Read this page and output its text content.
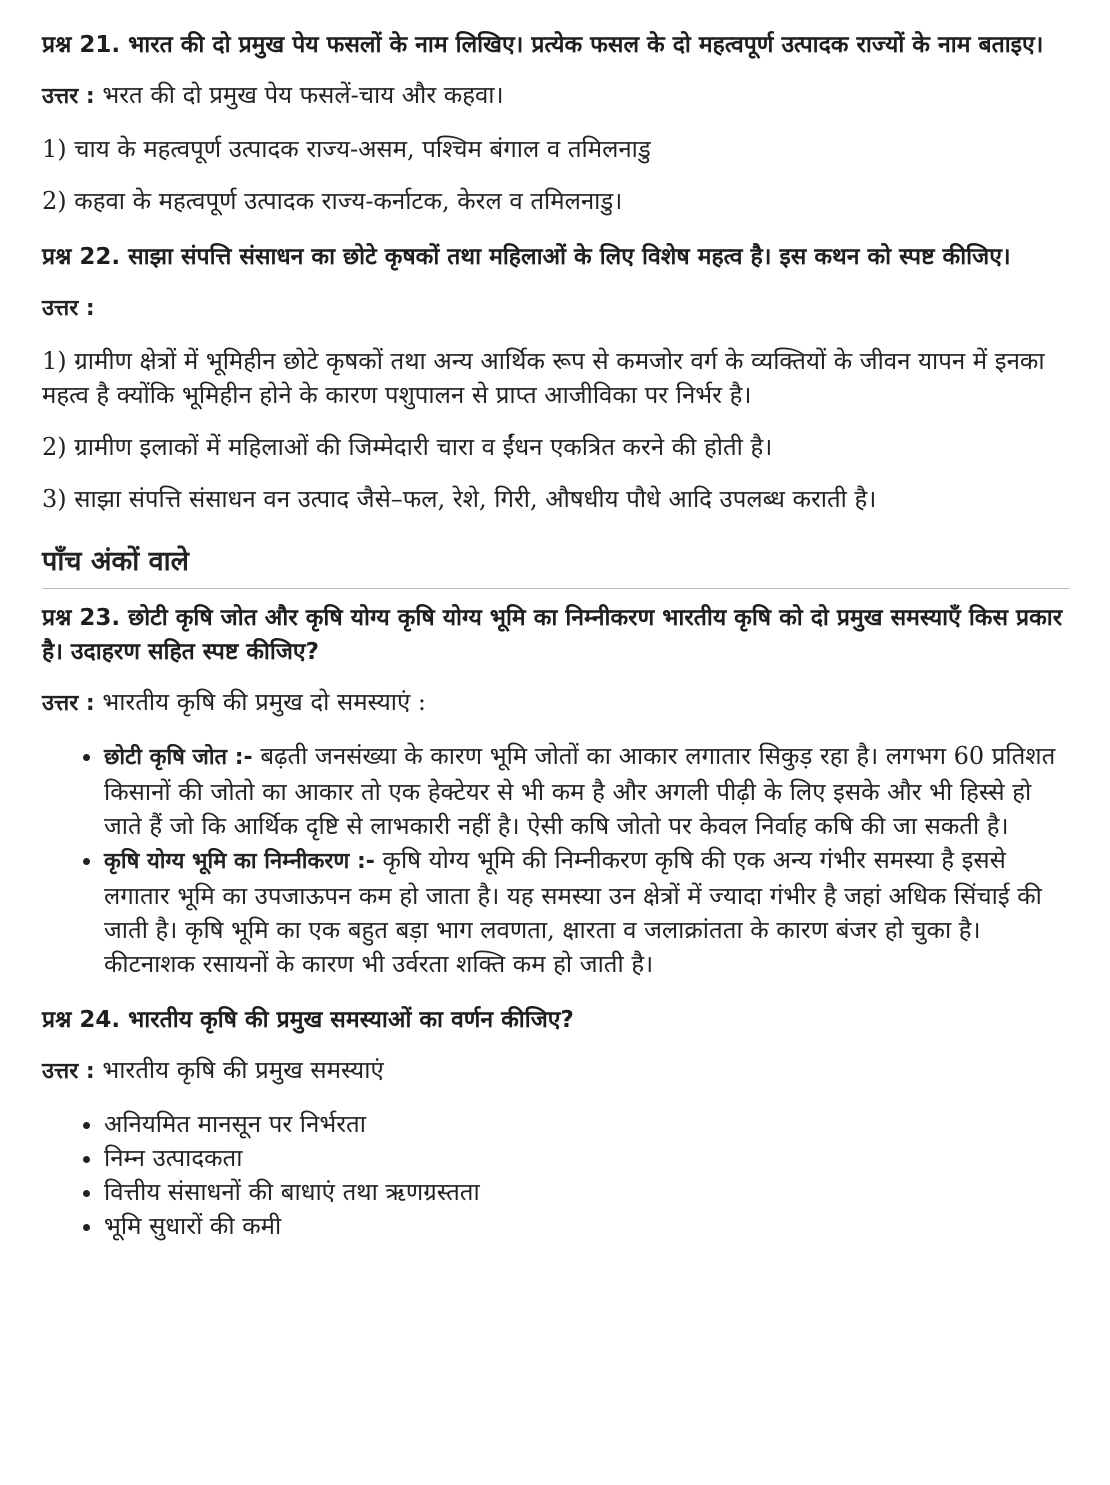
प्रश्न 21. भारत की दो प्रमुख पेय फसलों के नाम लिखिए। प्रत्येक फसल के दो महत्वपूर्ण उत्पादक राज्यों के नाम बताइए।

उत्तर : भरत की दो प्रमुख पेय फसलें-चाय और कहवा।

1) चाय के महत्वपूर्ण उत्पादक राज्य-असम, पश्चिम बंगाल व तमिलनाडु

2) कहवा के महत्वपूर्ण उत्पादक राज्य-कर्नाटक, केरल व तमिलनाडु।

प्रश्न 22. साझा संपत्ति संसाधन का छोटे कृषकों तथा महिलाओं के लिए विशेष महत्व है। इस कथन को स्पष्ट कीजिए।

उत्तर :

1) ग्रामीण क्षेत्रों में भूमिहीन छोटे कृषकों तथा अन्य आर्थिक रूप से कमजोर वर्ग के व्यक्तियों के जीवन यापन में इनका महत्व है क्योंकि भूमिहीन होने के कारण पशुपालन से प्राप्त आजीविका पर निर्भर है।

2) ग्रामीण इलाकों में महिलाओं की जिम्मेदारी चारा व ईंधन एकत्रित करने की होती है।

3) साझा संपत्ति संसाधन वन उत्पाद जैसे–फल, रेशे, गिरी, औषधीय पौधे आदि उपलब्ध कराती है।

पाँच अंकों वाले

प्रश्न 23. छोटी कृषि जोत और कृषि योग्य कृषि योग्य भूमि का निम्नीकरण भारतीय कृषि को दो प्रमुख समस्याएँ किस प्रकार है। उदाहरण सहित स्पष्ट कीजिए?

उत्तर : भारतीय कृषि की प्रमुख दो समस्याएं :

• छोटी कृषि जोत :- बढ़ती जनसंख्या के कारण भूमि जोतों का आकार लगातार सिकुड़ रहा है। लगभग 60 प्रतिशत किसानों की जोतो का आकार तो एक हेक्टेयर से भी कम है और अगली पीढ़ी के लिए इसके और भी हिस्से हो जाते हैं जो कि आर्थिक दृष्टि से लाभकारी नहीं है। ऐसी कषि जोतो पर केवल निर्वाह कषि की जा सकती है।
• कृषि योग्य भूमि का निम्नीकरण :- कृषि योग्य भूमि की निम्नीकरण कृषि की एक अन्य गंभीर समस्या है इससे लगातार भूमि का उपजाऊपन कम हो जाता है। यह समस्या उन क्षेत्रों में ज्यादा गंभीर है जहां अधिक सिंचाई की जाती है। कृषि भूमि का एक बहुत बड़ा भाग लवणता, क्षारता व जलाक्रांतता के कारण बंजर हो चुका है। कीटनाशक रसायनों के कारण भी उर्वरता शक्ति कम हो जाती है।

प्रश्न 24. भारतीय कृषि की प्रमुख समस्याओं का वर्णन कीजिए?

उत्तर : भारतीय कृषि की प्रमुख समस्याएं

• अनियमित मानसून पर निर्भरता
• निम्न उत्पादकता
• वित्तीय संसाधनों की बाधाएं तथा ऋणग्रस्तता
• भूमि सुधारों की कमी
